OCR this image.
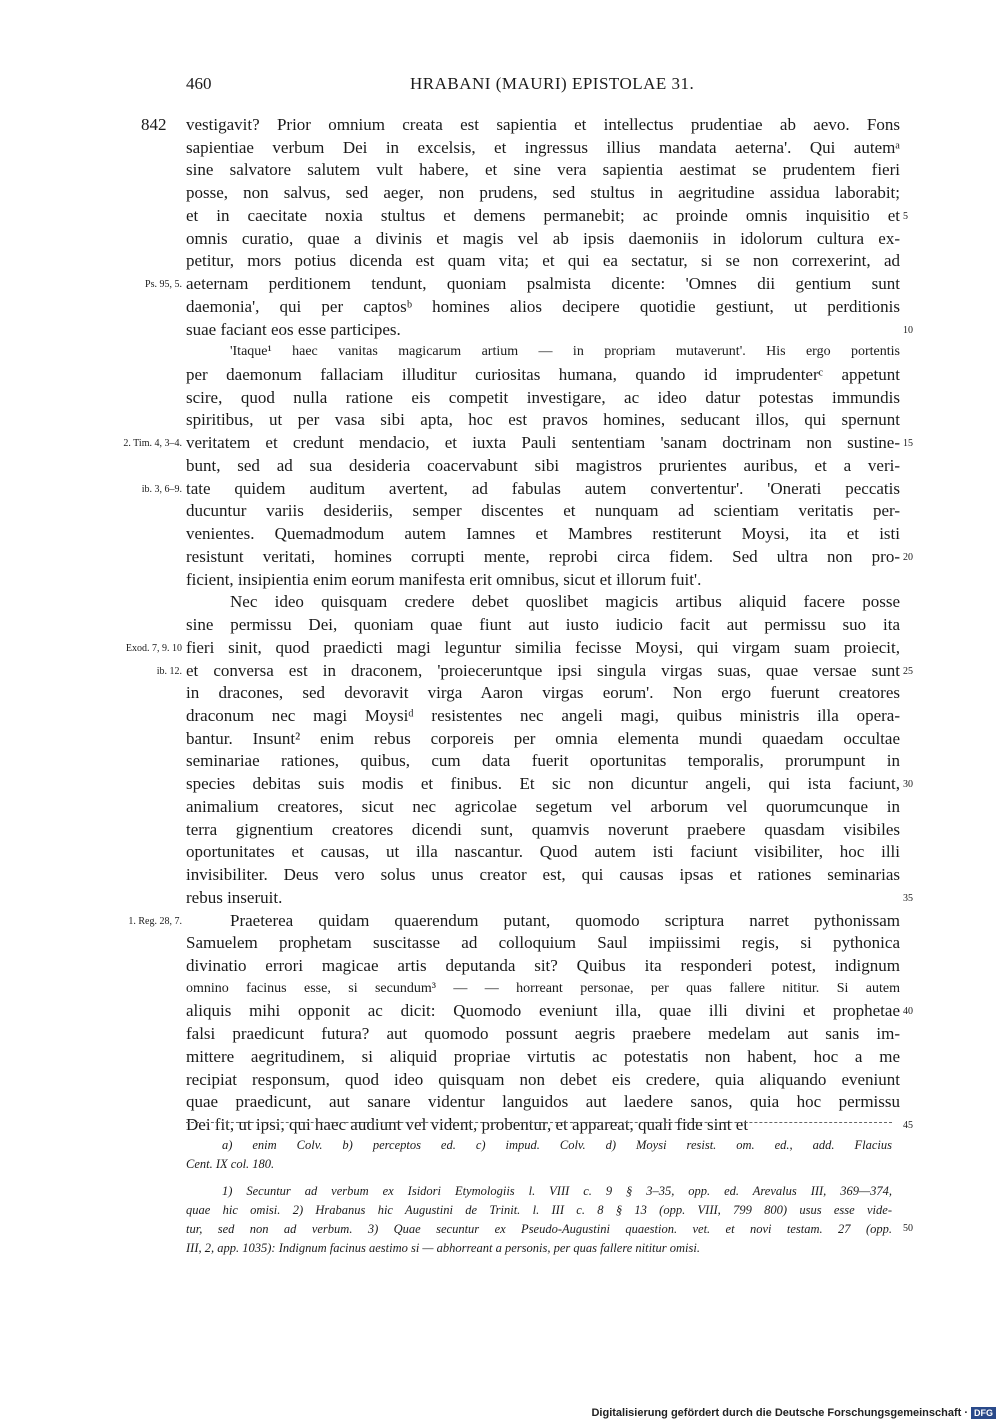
460	HRABANI (MAURI) EPISTOLAE 31.
842 vestigavit? Prior omnium creata est sapientia et intellectus prudentiae ab aevo. Fons
sapientiae verbum Dei in excelsis, et ingressus illius mandata aeterna'. Qui autemᵃ
sine salvatore salutem vult habere, et sine vera sapientia aestimat se prudentem fieri
posse, non salvus, sed aeger, non prudens, sed stultus in aegritudine assidua laborabit;
et in caecitate noxia stultus et demens permanebit; ac proinde omnis inquisitio et
omnis curatio, quae a divinis et magis vel ab ipsis daemoniis in idolorum cultura ex-
petitur, mors potius dicenda est quam vita; et qui ea sectatur, si se non correxerint, ad
aeternam perditionem tendunt, quoniam psalmista dicente: 'Omnes dii gentium sunt
daemonia', qui per captosᵇ homines alios decipere quotidie gestiunt, ut perditionis
suae faciant eos esse participes.
'Itaque¹ haec vanitas magicarum artium — in propriam mutaverunt'. His ergo portentis
per daemonum fallaciam illuditur curiositas humana, quando id imprudenterᶜ appetunt
scire, quod nulla ratione eis competit investigare, ac ideo datur potestas immundis
spiritibus, ut per vasa sibi apta, hoc est pravos homines, seducant illos, qui spernunt
veritatem et credunt mendacio, et iuxta Pauli sententiam 'sanam doctrinam non sustine-
bunt, sed ad sua desideria coacervabunt sibi magistros prurientes auribus, et a veri-
tate quidem auditum avertent, ad fabulas autem convertentur'. 'Onerati peccatis
ducuntur variis desideriis, semper discentes et nunquam ad scientiam veritatis per-
venientes. Quemadmodum autem Iamnes et Mambres restiterunt Moysi, ita et isti
resistunt veritati, homines corrupti mente, reprobi circa fidem. Sed ultra non pro-
ficient, insipientia enim eorum manifesta erit omnibus, sicut et illorum fuit'.
Nec ideo quisquam credere debet quoslibet magicis artibus aliquid facere posse
sine permissu Dei, quoniam quae fiunt aut iusto iudicio facit aut permissu suo ita
fieri sinit, quod praedicti magi leguntur similia fecisse Moysi, qui virgam suam proiecit,
et conversa est in draconem, 'proieceruntque ipsi singula virgas suas, quae versae sunt
in dracones, sed devoravit virga Aaron virgas eorum'. Non ergo fuerunt creatores
draconum nec magi Moysiᵈ resistentes nec angeli magi, quibus ministris illa opera-
bantur. Insunt² enim rebus corporeis per omnia elementa mundi quaedam occultae
seminariae rationes, quibus, cum data fuerit oportunitas temporalis, prorumpunt in
species debitas suis modis et finibus. Et sic non dicuntur angeli, qui ista faciunt,
animalium creatores, sicut nec agricolae segetum vel arborum vel quorumcunque in
terra gignentium creatores dicendi sunt, quamvis noverunt praebere quasdam visibiles
oportunitates et causas, ut illa nascantur. Quod autem isti faciunt visibiliter, hoc illi
invisibiliter. Deus vero solus unus creator est, qui causas ipsas et rationes seminarias
rebus inseruit.
Praeterea quidam quaerendum putant, quomodo scriptura narret pythonissam
Samuelem prophetam suscitasse ad colloquium Saul impiissimi regis, si pythonica
divinatio errori magicae artis deputanda sit? Quibus ita responderi potest, indignum
omnino facinus esse, si secundum³ — — horreant personae, per quas fallere nititur. Si autem
aliquis mihi opponit ac dicit: Quomodo eveniunt illa, quae illi divini et prophetae
falsi praedicunt futura? aut quomodo possunt aegris praebere medelam aut sanis im-
mittere aegritudinem, si aliquid propriae virtutis ac potestatis non habent, hoc a me
recipiat responsum, quod ideo quisquam non debet eis credere, quia aliquando eveniunt
quae praedicunt, aut sanare videntur languidos aut laedere sanos, quia hoc permissu
Dei fit, ut ipsi, qui haec audiunt vel vident, probentur, et appareat, quali fide sint et
Ps. 95, 5.
2. Tim. 4, 3–4.
ib. 3, 6–9.
Exod. 7, 9. 10
ib. 12.
1. Reg. 28, 7.
5
10
15
20
25
30
35
40
45
a) enim Colv. b) perceptos ed. c) impud. Colv. d) Moysi resist. om. ed., add. Flacius
Cent. IX col. 180.
1) Secuntur ad verbum ex Isidori Etymologiis l. VIII c. 9 § 3–35, opp. ed. Arevalus III, 369—374,
quae hic omisi. 2) Hrabanus hic Augustini de Trinit. l. III c. 8 § 13 (opp. VIII, 799 800) usus esse vide-
tur, sed non ad verbum. 3) Quae secuntur ex Pseudo-Augustini quaestion. vet. et novi testam. 27 (opp.
III, 2, app. 1035): Indignum facinus aestimo si — abhorreant a personis, per quas fallere nititur omisi.
50
Digitalisierung gefördert durch die Deutsche Forschungsgemeinschaft · DFG
